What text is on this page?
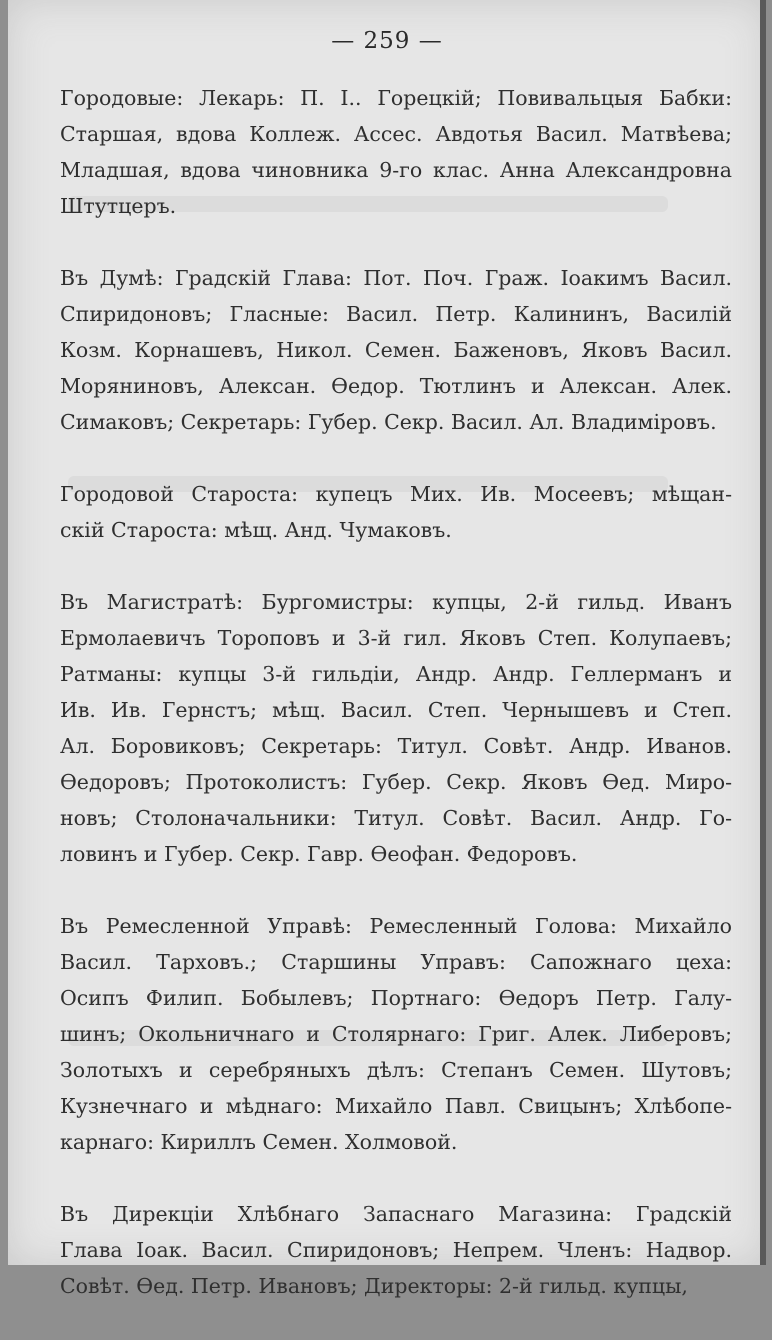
— 259 —
Городовые: Лекарь: П. І.. Горецкій; Повивальцыя Бабки:
Старшая, вдова Коллеж. Ассес. Авдотья Васил. Матвѣева;
Младшая, вдова чиновника 9-го клас. Анна Александровна
Штутцеръ.
Въ Думѣ: Градскій Глава: Пот. Поч. Граж. Іоакимъ Васил.
Спиридоновъ; Гласные: Васил. Петр. Калининъ, Василій
Козм. Корнашевъ, Никол. Семен. Баженовъ, Яковъ Васил.
Моряниновъ, Алексан. Ѳедор. Тютлинъ и Алексан. Алек.
Симаковъ; Секретарь: Губер. Секр. Васил. Ал. Владиміровъ.
Городовой Староста: купецъ Мих. Ив. Мосеевъ; мѣщан-
скій Староста: мѣщ. Анд. Чумаковъ.
Въ Магистратѣ: Бургомистры: купцы, 2-й гильд. Иванъ
Ермолаевичъ Тороповъ и 3-й гил. Яковъ Степ. Колупаевъ;
Ратманы: купцы 3-й гильдіи, Андр. Андр. Геллерманъ и
Ив. Ив. Гернстъ; мѣщ. Васил. Степ. Чернышевъ и Степ.
Ал. Боровиковъ; Секретарь: Титул. Совѣт. Андр. Иванов.
Ѳедоровъ; Протоколистъ: Губер. Секр. Яковъ Ѳед. Миро-
новъ; Столоначальники: Титул. Совѣт. Васил. Андр. Го-
ловинъ и Губер. Секр. Гавр. Ѳеофан. Федоровъ.
Въ Ремесленной Управѣ: Ремесленный Голова: Михайло
Васил. Тарховъ.; Старшины Управъ: Сапожнаго цеха:
Осипъ Филип. Бобылевъ; Портнаго: Ѳедоръ Петр. Галу-
шинъ; Окольничнаго и Столярнаго: Григ. Алек. Либеровъ;
Золотыхъ и серебряныхъ дѣлъ: Степанъ Семен. Шутовъ;
Кузнечнаго и мѣднаго: Михайло Павл. Свицынъ; Хлѣбопе-
карнаго: Кириллъ Семен. Холмовой.
Въ Дирекціи Хлѣбнаго Запаснаго Магазина: Градскій
Глава Іоак. Васил. Спиридоновъ; Непрем. Членъ: Надвор.
Совѣт. Ѳед. Петр. Ивановъ; Директоры: 2-й гильд. купцы,
